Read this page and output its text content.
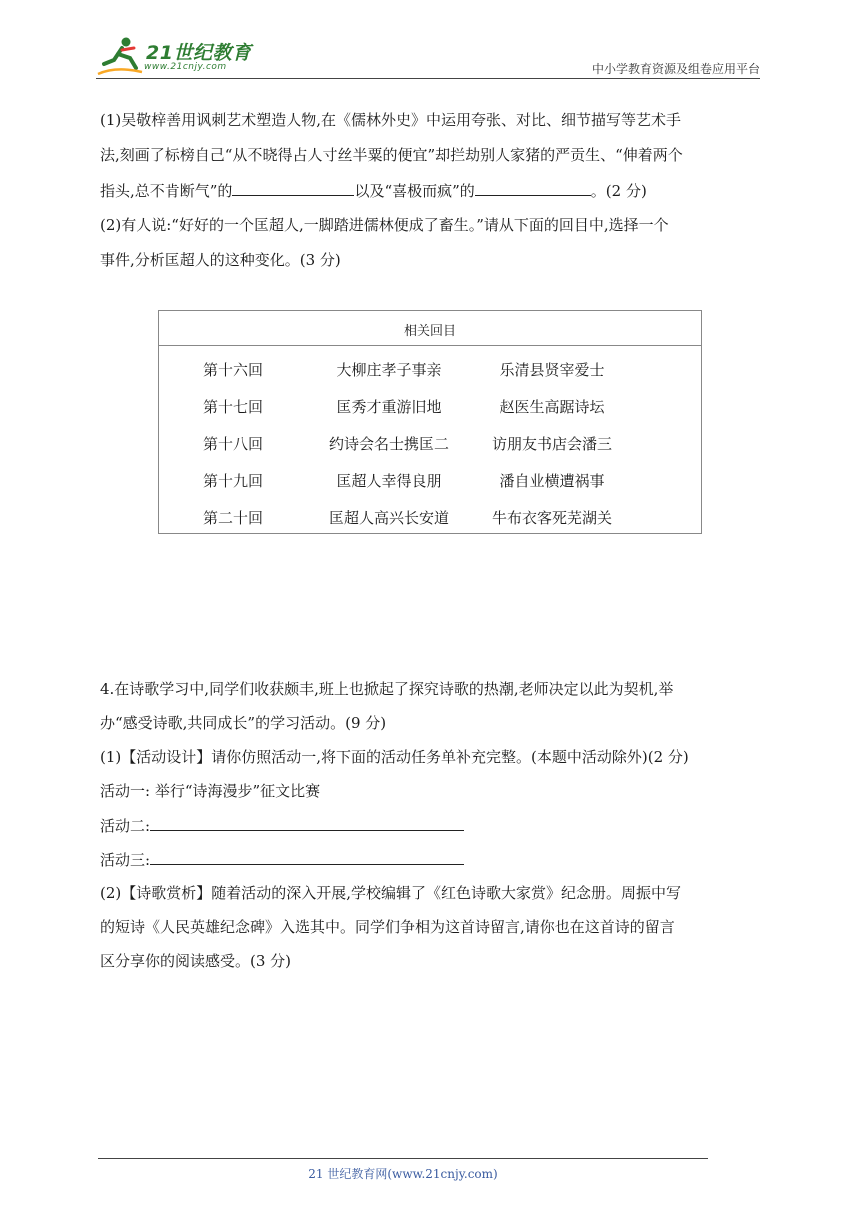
21世纪教育
www.21cnjy.com	中小学教育资源及组卷应用平台
(1)吴敬梓善用讽刺艺术塑造人物,在《儒林外史》中运用夸张、对比、细节描写等艺术手
法,刻画了标榜自己“从不晓得占人寸丝半粟的便宜”却拦劫别人家猪的严贡生、“伸着两个
指头,总不肯断气”的	以及“喜极而疯”的	。(2 分)
(2)有人说:“好好的一个匡超人,一脚踏进儒林便成了畜生。”请从下面的回目中,选择一个
事件,分析匡超人的这种变化。(3 分)
相关回目
第十六回	大柳庄孝子事亲	乐清县贤宰爱士
第十七回	匡秀才重游旧地	赵医生高踞诗坛
第十八回	约诗会名士携匡二	访朋友书店会潘三
第十九回	匡超人幸得良朋	潘自业横遭祸事
第二十回	匡超人高兴长安道	牛布衣客死芜湖关
4.在诗歌学习中,同学们收获颇丰,班上也掀起了探究诗歌的热潮,老师决定以此为契机,举
办“感受诗歌,共同成长”的学习活动。(9 分)
(1)【活动设计】请你仿照活动一,将下面的活动任务单补充完整。(本题中活动除外)(2 分)
活动一: 举行“诗海漫步”征文比赛
活动二:
活动三:
(2)【诗歌赏析】随着活动的深入开展,学校编辑了《红色诗歌大家赏》纪念册。周振中写
的短诗《人民英雄纪念碑》入选其中。同学们争相为这首诗留言,请你也在这首诗的留言
区分享你的阅读感受。(3 分)
21 世纪教育网(www.21cnjy.com)
